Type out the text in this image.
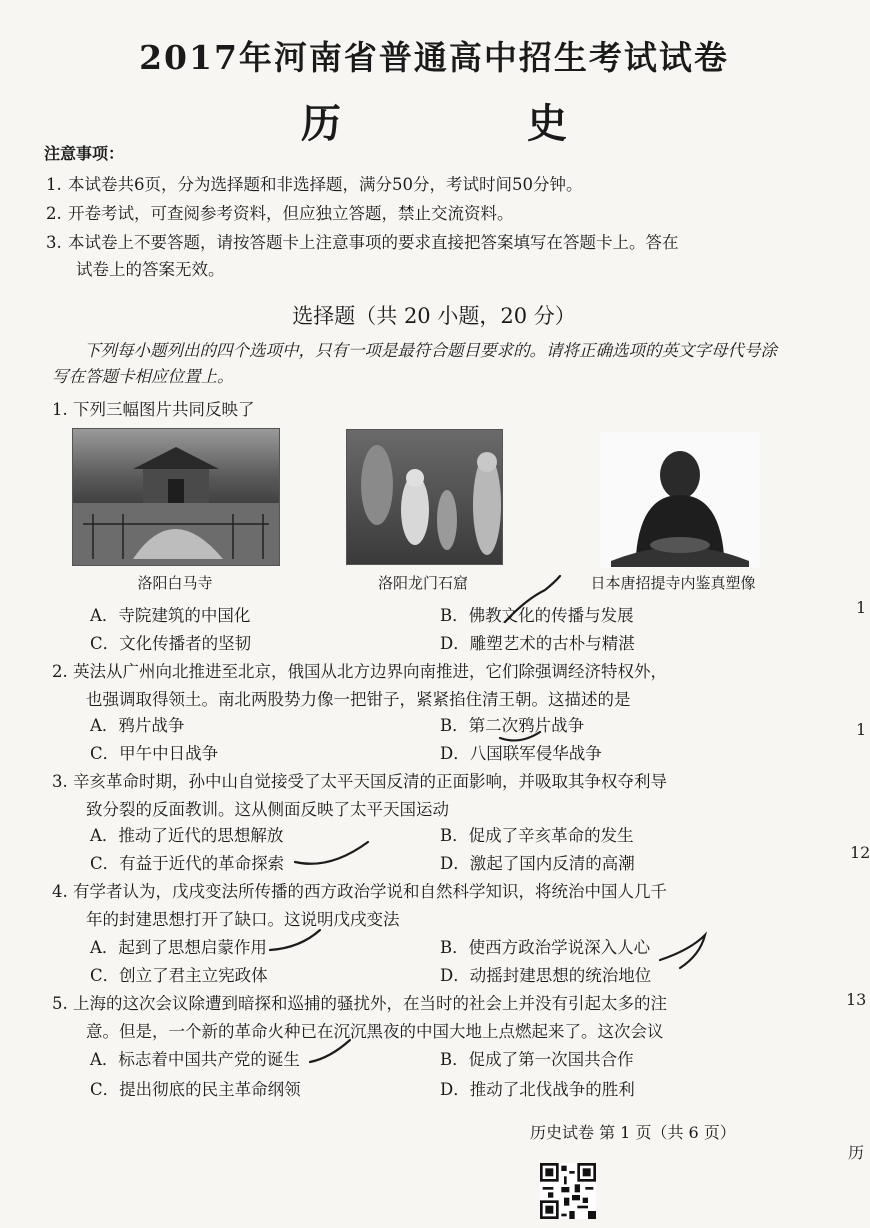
2017年河南省普通高中招生考试试卷
历 史
注意事项：
1. 本试卷共6页，分为选择题和非选择题，满分50分，考试时间50分钟。
2. 开卷考试，可查阅参考资料，但应独立答题，禁止交流资料。
3. 本试卷上不要答题，请按答题卡上注意事项的要求直接把答案填写在答题卡上。答在
试卷上的答案无效。
选择题（共 20 小题，20 分）
下列每小题列出的四个选项中，只有一项是最符合题目要求的。请将正确选项的英文字母代号涂写在答题卡相应位置上。
1. 下列三幅图片共同反映了
洛阳白马寺	洛阳龙门石窟	日本唐招提寺内鉴真塑像
A．寺院建筑的中国化	B．佛教文化的传播与发展
C．文化传播者的坚韧	D．雕塑艺术的古朴与精湛
2. 英法从广州向北推进至北京，俄国从北方边界向南推进，它们除强调经济特权外，
也强调取得领土。南北两股势力像一把钳子，紧紧掐住清王朝。这描述的是
A．鸦片战争	B．第二次鸦片战争
C．甲午中日战争	D．八国联军侵华战争
3. 辛亥革命时期，孙中山自觉接受了太平天国反清的正面影响，并吸取其争权夺利导
致分裂的反面教训。这从侧面反映了太平天国运动
A．推动了近代的思想解放	B．促成了辛亥革命的发生
C．有益于近代的革命探索	D．激起了国内反清的高潮
4. 有学者认为，戊戌变法所传播的西方政治学说和自然科学知识，将统治中国人几千
年的封建思想打开了缺口。这说明戊戌变法
A．起到了思想启蒙作用	B．使西方政治学说深入人心
C．创立了君主立宪政体	D．动摇封建思想的统治地位
5. 上海的这次会议除遭到暗探和巡捕的骚扰外，在当时的社会上并没有引起太多的注
意。但是，一个新的革命火种已在沉沉黑夜的中国大地上点燃起来了。这次会议
A．标志着中国共产党的诞生	B．促成了第一次国共合作
C．提出彻底的民主革命纲领	D．推动了北伐战争的胜利
历史试卷 第 1 页（共 6 页）
1
1
12
13
历
